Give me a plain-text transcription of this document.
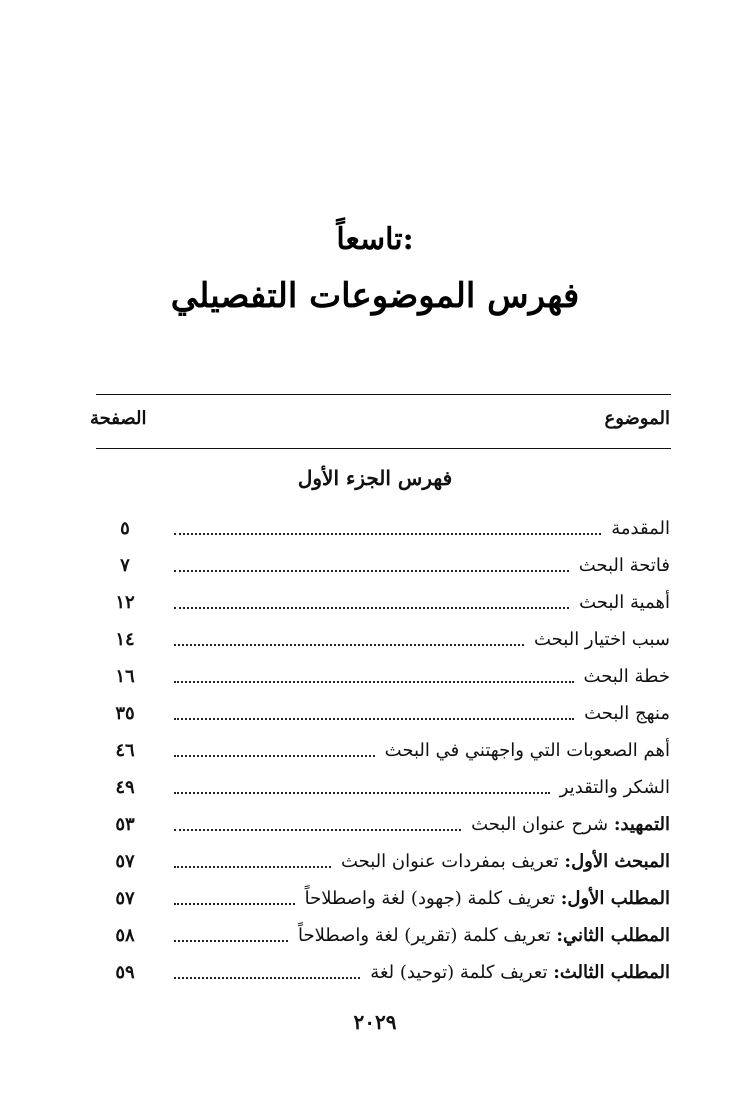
تاسعاً:
فهرس الموضوعات التفصيلي
الموضوع
الصفحة
فهرس الجزء الأول
المقدمة
٥
فاتحة البحث
٧
أهمية البحث
١٢
سبب اختيار البحث
١٤
خطة البحث
١٦
منهج البحث
٣٥
أهم الصعوبات التي واجهتني في البحث
٤٦
الشكر والتقدير
٤٩
التمهيد: شرح عنوان البحث
٥٣
المبحث الأول: تعريف بمفردات عنوان البحث
٥٧
المطلب الأول: تعريف كلمة (جهود) لغة واصطلاحاً
٥٧
المطلب الثاني: تعريف كلمة (تقرير) لغة واصطلاحاً
٥٨
المطلب الثالث: تعريف كلمة (توحيد) لغة
٥٩
٢٠٢٩
